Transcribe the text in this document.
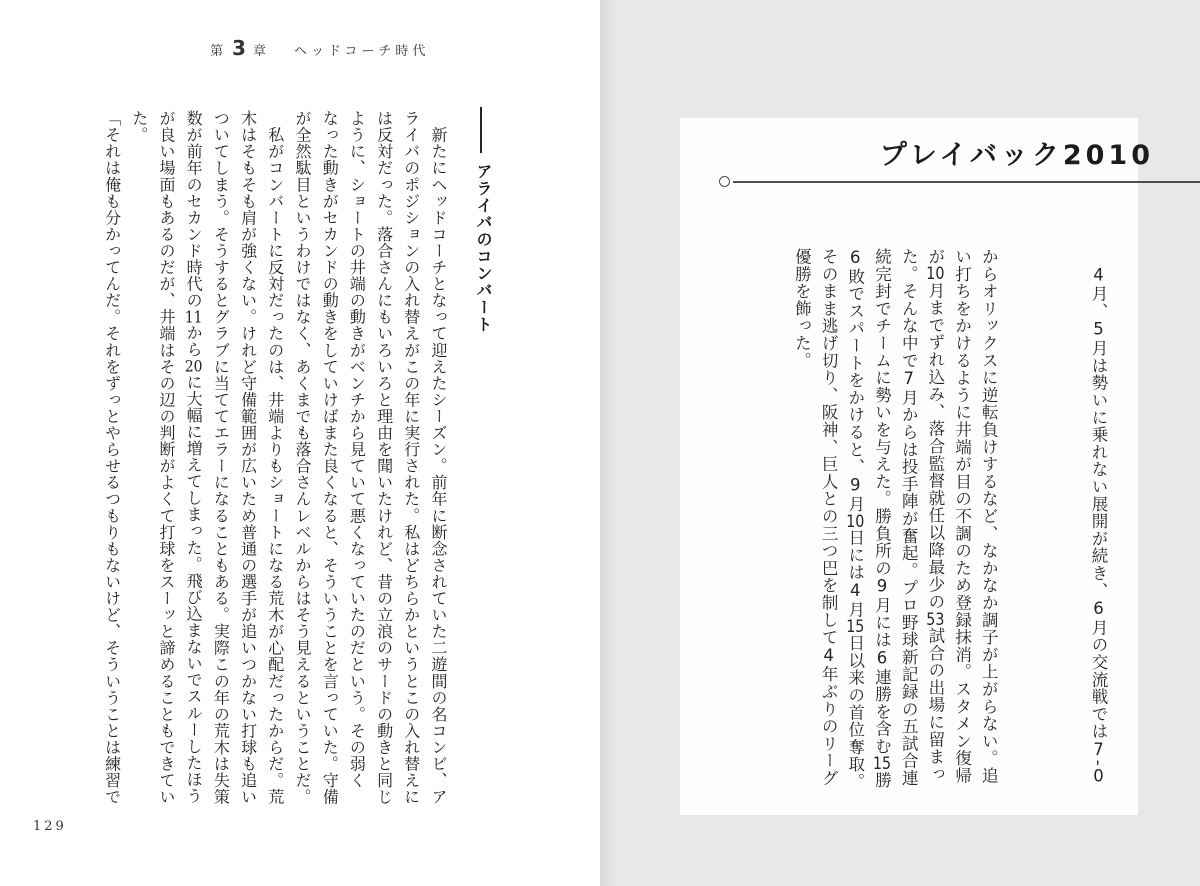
プレイバック2010
　4月、5月は勢いに乗れない展開が続き、6月の交流戦では7-0
からオリックスに逆転負けするなど、なかなか調子が上がらない。追
い打ちをかけるように井端が目の不調のため登録抹消。スタメン復帰
が10月までずれ込み、落合監督就任以降最少の53試合の出場に留まっ
た。そんな中で7月からは投手陣が奮起。プロ野球新記録の五試合連
続完封でチームに勢いを与えた。勝負所の9月には6連勝を含む15勝
6敗でスパートをかけると、9月10日には4月15日以来の首位奪取。
そのまま逃げ切り、阪神、巨人との三つ巴を制して4年ぶりのリーグ
優勝を飾った。
第 3 章 ヘッドコーチ時代
アライバのコンバート
　新たにヘッドコーチとなって迎えたシーズン。前年に断念されていた二遊間の名コンビ、ア
ライバのポジションの入れ替えがこの年に実行された。私はどちらかというとこの入れ替えに
は反対だった。落合さんにもいろいろと理由を聞いたけれど、昔の立浪のサードの動きと同じ
ように、ショートの井端の動きがベンチから見ていて悪くなっていたのだという。その弱く
なった動きがセカンドの動きをしていけばまた良くなると、そういうことを言っていた。守備
が全然駄目というわけではなく、あくまでも落合さんレベルからはそう見えるということだ。
　私がコンバートに反対だったのは、井端よりもショートになる荒木が心配だったからだ。荒
木はそもそも肩が強くない。けれど守備範囲が広いため普通の選手が追いつかない打球も追い
ついてしまう。そうするとグラブに当ててエラーになることもある。実際この年の荒木は失策
数が前年のセカンド時代の11から20に大幅に増えてしまった。飛び込まないでスルーしたほう
が良い場面もあるのだが、井端はその辺の判断がよくて打球をスーッと諦めることもできてい
た。
「それは俺も分かってんだ。それをずっとやらせるつもりもないけど、そういうことは練習で
129
